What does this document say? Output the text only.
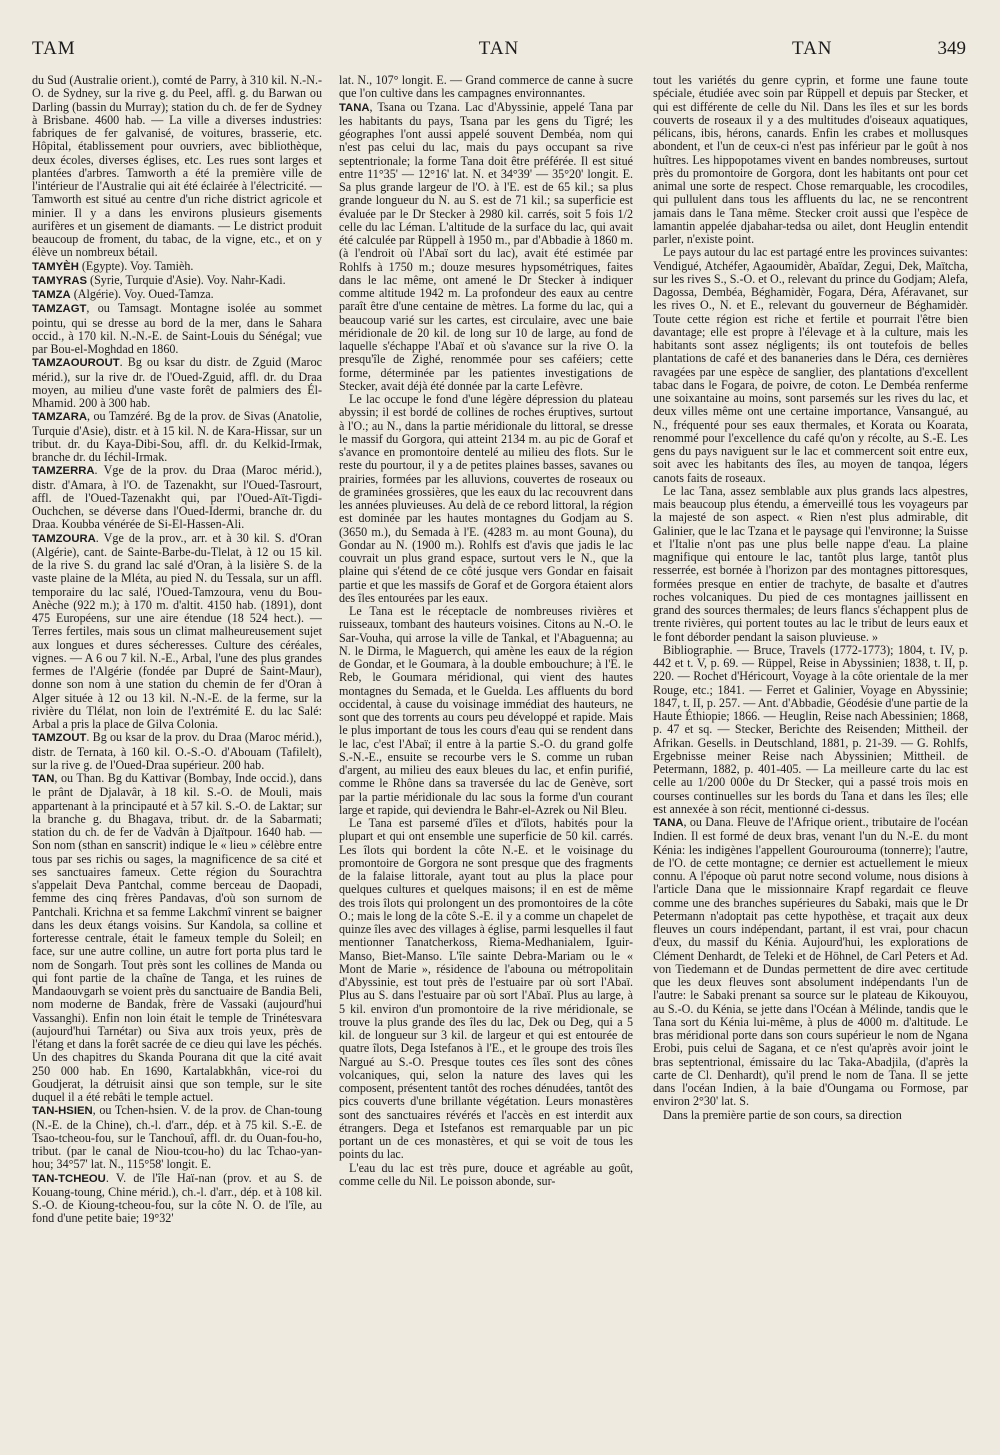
TAM	TAN	TAN	349

du Sud (Australie orient.), comté de Parry, à 310 kil. N.-N.-O. de Sydney, sur la rive g. du Peel, affl. g. du Barwan ou Darling (bassin du Murray); station du ch. de fer de Sydney à Brisbane. 4600 hab. — La ville a diverses industries: fabriques de fer galvanisé, de voitures, brasserie, etc. Hôpital, établissement pour ouvriers, avec bibliothèque, deux écoles, diverses églises, etc. Les rues sont larges et plantées d'arbres. Tamworth a été la première ville de l'intérieur de l'Australie qui ait été éclairée à l'électricité. — Tamworth est situé au centre d'un riche district agricole et minier. Il y a dans les environs plusieurs gisements aurifères et un gisement de diamants. — Le district produit beaucoup de froment, du tabac, de la vigne, etc., et on y élève un nombreux bétail.

TAMYÈH (Egypte). Voy. Tamièh.

TAMYRAS (Syrie, Turquie d'Asie). Voy. Nahr-Kadi.

TAMZA (Algérie). Voy. Oued-Tamza.

TAMZAGT, ou Tamsagt. Montagne isolée au sommet pointu, qui se dresse au bord de la mer, dans le Sahara occid., à 170 kil. N.-N.-E. de Saint-Louis du Sénégal; vue par Bou-el-Moghdad en 1860.

TAMZAOUROUT. Bg ou ksar du distr. de Zguid (Maroc mérid.), sur la rive dr. de l'Oued-Zguid, affl. dr. du Draa moyen, au milieu d'une vaste forêt de palmiers des Él-Mhamid. 200 à 300 hab.

TAMZARA, ou Tamzéré. Bg de la prov. de Sivas (Anatolie, Turquie d'Asie), distr. et à 15 kil. N. de Kara-Hissar, sur un tribut. dr. du Kaya-Dibi-Sou, affl. dr. du Kelkid-Irmak, branche dr. du Iéchil-Irmak.

TAMZERRA. Vge de la prov. du Draa (Maroc mérid.), distr. d'Amara, à l'O. de Tazenakht, sur l'Oued-Tasrourt, affl. de l'Oued-Tazenakht qui, par l'Oued-Aït-Tigdi-Ouchchen, se déverse dans l'Oued-Idermi, branche dr. du Draa. Koubba vénérée de Si-El-Hassen-Ali.

TAMZOURA. Vge de la prov., arr. et à 30 kil. S. d'Oran (Algérie), cant. de Sainte-Barbe-du-Tlelat, à 12 ou 15 kil. de la rive S. du grand lac salé d'Oran, à la lisière S. de la vaste plaine de la Mléta, au pied N. du Tessala, sur un affl. temporaire du lac salé, l'Oued-Tamzoura, venu du Bou-Anèche (922 m.); à 170 m. d'altit. 4150 hab. (1891), dont 475 Européens, sur une aire étendue (18 524 hect.). — Terres fertiles, mais sous un climat malheureusement sujet aux longues et dures sécheresses. Culture des céréales, vignes. — A 6 ou 7 kil. N.-E., Arbal, l'une des plus grandes fermes de l'Algérie (fondée par Dupré de Saint-Maur), donne son nom à une station du chemin de fer d'Oran à Alger située à 12 ou 13 kil. N.-N.-E. de la ferme, sur la rivière du Tlélat, non loin de l'extrémité E. du lac Salé: Arbal a pris la place de Gilva Colonia.

TAMZOUT. Bg ou ksar de la prov. du Draa (Maroc mérid.), distr. de Ternata, à 160 kil. O.-S.-O. d'Abouam (Tafilelt), sur la rive g. de l'Oued-Draa supérieur. 200 hab.

TAN, ou Than. Bg du Kattivar (Bombay, Inde occid.), dans le prânt de Djalavâr, à 18 kil. S.-O. de Mouli, mais appartenant à la principauté et à 57 kil. S.-O. de Laktar; sur la branche g. du Bhagava, tribut. dr. de la Sabarmati; station du ch. de fer de Vadvân à Djaïtpour. 1640 hab. — Son nom (sthan en sanscrit) indique le « lieu » célèbre entre tous par ses richis ou sages, la magnificence de sa cité et ses sanctuaires fameux. Cette région du Sourachtra s'appelait Deva Pantchal, comme berceau de Daopadi, femme des cinq frères Pandavas, d'où son surnom de Pantchali. Krichna et sa femme Lakchmî vinrent se baigner dans les deux étangs voisins. Sur Kandola, sa colline et forteresse centrale, était le fameux temple du Soleil; en face, sur une autre colline, un autre fort porta plus tard le nom de Songarh. Tout près sont les collines de Manda ou qui font partie de la chaîne de Tanga, et les ruines de Mandaouvgarh se voient près du sanctuaire de Bandia Beli, nom moderne de Bandak, frère de Vassaki (aujourd'hui Vassanghi). Enfin non loin était le temple de Trinétesvara (aujourd'hui Tarnétar) ou Siva aux trois yeux, près de l'étang et dans la forêt sacrée de ce dieu qui lave les péchés. Un des chapitres du Skanda Pourana dit que la cité avait 250 000 hab. En 1690, Kartalabkhân, vice-roi du Goudjerat, la détruisit ainsi que son temple, sur le site duquel il a été rebâti le temple actuel.

TAN-HSIEN, ou Tchen-hsien. V. de la prov. de Chan-toung (N.-E. de la Chine), ch.-l. d'arr., dép. et à 75 kil. S.-E. de Tsao-tcheou-fou, sur le Tanchouî, affl. dr. du Ouan-fou-ho, tribut. (par le canal de Niou-tcou-ho) du lac Tchao-yan-hou; 34°57' lat. N., 115°58' longit. E.

TAN-TCHEOU. V. de l'île Haï-nan (prov. et au S. de Kouang-toung, Chine mérid.), ch.-l. d'arr., dép. et à 108 kil. S.-O. de Kioung-tcheou-fou, sur la côte N. O. de l'île, au fond d'une petite baie; 19°32'

lat. N., 107° longit. E. — Grand commerce de canne à sucre que l'on cultive dans les campagnes environnantes.

TANA, Tsana ou Tzana. Lac d'Abyssinie, appelé Tana par les habitants du pays, Tsana par les gens du Tigré; les géographes l'ont aussi appelé souvent Dembéa, nom qui n'est pas celui du lac, mais du pays occupant sa rive septentrionale; la forme Tana doit être préférée. Il est situé entre 11°35' — 12°16' lat. N. et 34°39' — 35°20' longit. E. Sa plus grande largeur de l'O. à l'E. est de 65 kil.; sa plus grande longueur du N. au S. est de 71 kil.; sa superficie est évaluée par le Dr Stecker à 2980 kil. carrés, soit 5 fois 1/2 celle du lac Léman. L'altitude de la surface du lac, qui avait été calculée par Rüppell à 1950 m., par d'Abbadie à 1860 m. (à l'endroit où l'Abaï sort du lac), avait été estimée par Rohlfs à 1750 m.; douze mesures hypsométriques, faites dans le lac même, ont amené le Dr Stecker à indiquer comme altitude 1942 m. La profondeur des eaux au centre paraît être d'une centaine de mètres. La forme du lac, qui a beaucoup varié sur les cartes, est circulaire, avec une baie méridionale de 20 kil. de long sur 10 de large, au fond de laquelle s'échappe l'Abaï et où s'avance sur la rive O. la presqu'île de Zighé, renommée pour ses caféiers; cette forme, déterminée par les patientes investigations de Stecker, avait déjà été donnée par la carte Lefèvre.

Le lac occupe le fond d'une légère dépression du plateau abyssin; il est bordé de collines de roches éruptives, surtout à l'O.; au N., dans la partie méridionale du littoral, se dresse le massif du Gorgora, qui atteint 2134 m. au pic de Goraf et s'avance en promontoire dentelé au milieu des flots. Sur le reste du pourtour, il y a de petites plaines basses, savanes ou prairies, formées par les alluvions, couvertes de roseaux ou de graminées grossières, que les eaux du lac recouvrent dans les années pluvieuses. Au delà de ce rebord littoral, la région est dominée par les hautes montagnes du Godjam au S. (3650 m.), du Semada à l'E. (4283 m. au mont Gouna), du Gondar au N. (1900 m.). Rohlfs est d'avis que jadis le lac couvrait un plus grand espace, surtout vers le N., que la plaine qui s'étend de ce côté jusque vers Gondar en faisait partie et que les massifs de Goraf et de Gorgora étaient alors des îles entourées par les eaux.

Le Tana est le réceptacle de nombreuses rivières et ruisseaux, tombant des hauteurs voisines. Citons au N.-O. le Sar-Vouha, qui arrose la ville de Tankal, et l'Abaguenna; au N. le Dirma, le Magueтch, qui amène les eaux de la région de Gondar, et le Goumara, à la double embouchure; à l'E. le Reb, le Goumara méridional, qui vient des hautes montagnes du Semada, et le Guelda. Les affluents du bord occidental, à cause du voisinage immédiat des hauteurs, ne sont que des torrents au cours peu développé et rapide. Mais le plus important de tous les cours d'eau qui se rendent dans le lac, c'est l'Abaï; il entre à la partie S.-O. du grand golfe S.-N.-E., ensuite se recourbe vers le S. comme un ruban d'argent, au milieu des eaux bleues du lac, et enfin purifié, comme le Rhône dans sa traversée du lac de Genève, sort par la partie méridionale du lac sous la forme d'un courant large et rapide, qui deviendra le Bahr-el-Azrek ou Nil Bleu.

Le Tana est parsemé d'îles et d'îlots, habités pour la plupart et qui ont ensemble une superficie de 50 kil. carrés. Les îlots qui bordent la côte N.-E. et le voisinage du promontoire de Gorgora ne sont presque que des fragments de la falaise littorale, ayant tout au plus la place pour quelques cultures et quelques maisons; il en est de même des trois îlots qui prolongent un des promontoires de la côte O.; mais le long de la côte S.-E. il y a comme un chapelet de quinze îles avec des villages à église, parmi lesquelles il faut mentionner Tanatcherkoss, Riema-Medhanialem, Iguir-Manso, Biet-Manso. L'île sainte Debra-Mariam ou le « Mont de Marie », résidence de l'abouna ou métropolitain d'Abyssinie, est tout près de l'estuaire par où sort l'Abaï. Plus au S. dans l'estuaire par où sort l'Abaï. Plus au large, à 5 kil. environ d'un promontoire de la rive méridionale, se trouve la plus grande des îles du lac, Dek ou Deg, qui a 5 kil. de longueur sur 3 kil. de largeur et qui est entourée de quatre îlots, Dega Istefanos à l'E., et le groupe des trois îles Nargué au S.-O. Presque toutes ces îles sont des cônes volcaniques, qui, selon la nature des laves qui les composent, présentent tantôt des roches dénudées, tantôt des pics couverts d'une brillante végétation. Leurs monastères sont des sanctuaires révérés et l'accès en est interdit aux étrangers. Dega et Istefanos est remarquable par un pic portant un de ces monastères, et qui se voit de tous les points du lac.

L'eau du lac est très pure, douce et agréable au goût, comme celle du Nil. Le poisson abonde, sur-

tout les variétés du genre cyprin, et forme une faune toute spéciale, étudiée avec soin par Rüppell et depuis par Stecker, et qui est différente de celle du Nil. Dans les îles et sur les bords couverts de roseaux il y a des multitudes d'oiseaux aquatiques, pélicans, ibis, hérons, canards. Enfin les crabes et mollusques abondent, et l'un de ceux-ci n'est pas inférieur par le goût à nos huîtres. Les hippopotames vivent en bandes nombreuses, surtout près du promontoire de Gorgora, dont les habitants ont pour cet animal une sorte de respect. Chose remarquable, les crocodiles, qui pullulent dans tous les affluents du lac, ne se rencontrent jamais dans le Tana même. Stecker croit aussi que l'espèce de lamantin appelée djabahar-tedsa ou ailet, dont Heuglin entendit parler, n'existe point.

Le pays autour du lac est partagé entre les provinces suivantes: Vendigué, Atchéfer, Agaoumidèr, Abaïdar, Zegui, Dek, Maïtcha, sur les rives S., S.-O. et O., relevant du prince du Godjam; Alefa, Dagossa, Dembéa, Béghamidèr, Fogara, Déra, Aféravanet, sur les rives O., N. et E., relevant du gouverneur de Béghamidèr. Toute cette région est riche et fertile et pourrait l'être bien davantage; elle est propre à l'élevage et à la culture, mais les habitants sont assez négligents; ils ont toutefois de belles plantations de café et des bananeries dans le Déra, ces dernières ravagées par une espèce de sanglier, des plantations d'excellent tabac dans le Fogara, de poivre, de coton. Le Dembéa renferme une soixantaine au moins, sont parsemés sur les rives du lac, et deux villes même ont une certaine importance, Vansangué, au N., fréquenté pour ses eaux thermales, et Korata ou Koarata, renommé pour l'excellence du café qu'on y récolte, au S.-E. Les gens du pays naviguent sur le lac et commercent soit entre eux, soit avec les habitants des îles, au moyen de tanqoa, légers canots faits de roseaux.

Le lac Tana, assez semblable aux plus grands lacs alpestres, mais beaucoup plus étendu, a émerveillé tous les voyageurs par la majesté de son aspect. « Rien n'est plus admirable, dit Galinier, que le lac Tzana et le paysage qui l'environne; la Suisse et l'Italie n'ont pas une plus belle nappe d'eau. La plaine magnifique qui entoure le lac, tantôt plus large, tantôt plus resserrée, est bornée à l'horizon par des montagnes pittoresques, formées presque en entier de trachyte, de basalte et d'autres roches volcaniques. Du pied de ces montagnes jaillissent en grand des sources thermales; de leurs flancs s'échappent plus de trente rivières, qui portent toutes au lac le tribut de leurs eaux et le font déborder pendant la saison pluvieuse. »

Bibliographie. — Bruce, Travels (1772-1773); 1804, t. IV, p. 442 et t. V, p. 69. — Rüppel, Reise in Abyssinien; 1838, t. II, p. 220. — Rochet d'Héricourt, Voyage à la côte orientale de la mer Rouge, etc.; 1841. — Ferret et Galinier, Voyage en Abyssinie; 1847, t. II, p. 257. — Ant. d'Abbadie, Géodésie d'une partie de la Haute Éthiopie; 1866. — Heuglin, Reise nach Abessinien; 1868, p. 47 et sq. — Stecker, Berichte des Reisenden; Mittheil. der Afrikan. Gesells. in Deutschland, 1881, p. 21-39. — G. Rohlfs, Ergebnisse meiner Reise nach Abyssinien; Mittheil. de Petermann, 1882, p. 401-405. — La meilleure carte du lac est celle au 1/200 000e du Dr Stecker, qui a passé trois mois en courses continuelles sur les bords du Tana et dans les îles; elle est annexée à son récit, mentionné ci-dessus.

TANA, ou Dana. Fleuve de l'Afrique orient., tributaire de l'océan Indien. Il est formé de deux bras, venant l'un du N.-E. du mont Kénia: les indigènes l'appellent Gourourouma (tonnerre); l'autre, de l'O. de cette montagne; ce dernier est actuellement le mieux connu. A l'époque où parut notre second volume, nous disions à l'article Dana que le missionnaire Krapf regardait ce fleuve comme une des branches supérieures du Sabaki, mais que le Dr Petermann n'adoptait pas cette hypothèse, et traçait aux deux fleuves un cours indépendant, partant, il est vrai, pour chacun d'eux, du massif du Kénia. Aujourd'hui, les explorations de Clément Denhardt, de Teleki et de Höhnel, de Carl Peters et Ad. von Tiedemann et de Dundas permettent de dire avec certitude que les deux fleuves sont absolument indépendants l'un de l'autre: le Sabaki prenant sa source sur le plateau de Kikouyou, au S.-O. du Kénia, se jette dans l'Océan à Mélinde, tandis que le Tana sort du Kénia lui-même, à plus de 4000 m. d'altitude. Le bras méridional porte dans son cours supérieur le nom de Ngana Erobi, puis celui de Sagana, et ce n'est qu'après avoir joint le bras septentrional, émissaire du lac Taka-Abadjila, (d'après la carte de Cl. Denhardt), qu'il prend le nom de Tana. Il se jette dans l'océan Indien, à la baie d'Oungama ou Formose, par environ 2°30' lat. S.

Dans la première partie de son cours, sa direction
